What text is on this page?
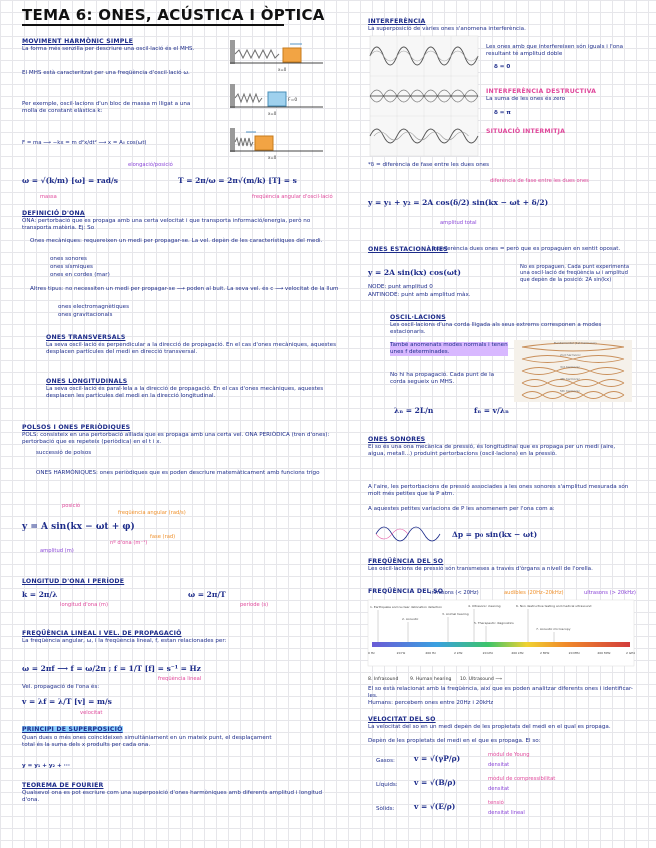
TEMA 6: ONES, ACÚSTICA I ÒPTICA
MOVIMENT HARMÒNIC SIMPLE
La forma més senzilla per descriure una oscil·lació és el MHS.
El MHS està caracteritzat per una freqüència d'oscil·lació ω.
Per exemple, oscil·lacions d'un bloc de massa m lligat a una molla de constant elàstica k:
F = ma ⟶ −kx = m d²x/dt² ⟶ x = A₀ cos(ωt)
x=0
F=0
x=0
x=0
elongació/posició
ω = √(k/m) [ω] = rad/s
massa
T = 2π/ω = 2π√(m/k) [T] = s
freqüència angular d'oscil·lació
DEFINICIÓ D'ONA
ONA: pertorbació que es propaga amb una certa velocitat i que transporta informació/energia, però no transporta matèria. Ej: So
Ones mecàniques: requereixen un medi per propagar-se. La vel. depèn de les característiques del medi.
ones sonores
ones sísmiques
ones en cordes (mar)
Altres tipus: no necessiten un medi per propagar-se ⟶ poden al buit. La seva vel. és c ⟶ velocitat de la llum
ones electromagnètiques
ones gravitacionals
ONES TRANSVERSALS
La seva oscil·lació és perpendicular a la direcció de propagació. En el cas d'ones mecàniques, aquestes desplacen partícules del medi en direcció transversal.
ONES LONGITUDINALS
La seva oscil·lació és paral·lela a la direcció de propagació. En el cas d'ones mecàniques, aquestes desplacen les partícules del medi en la direcció longitudinal.
POLSOS I ONES PERIÒDIQUES
POLS: consisteix en una pertorbació aïllada que es propaga amb una certa vel. ONA PERIÒDICA (tren d'ones): pertorbació que es repeteix (periòdica) en el t i x.
successió de polsos
ONES HARMÒNIQUES: ones periòdiques que es poden descriure matemàticament amb funcions trigo
posició
freqüència angular (rad/s)
y = A sin(kx − ωt + φ)
nº d'ona (m⁻¹)
fase (rad)
amplitud (m)
LONGITUD D'ONA I PERÍODE
k = 2π/λ
longitud d'ona (m)
ω = 2π/T
període (s)
FREQÜÈNCIA LINEAL I VEL. DE PROPAGACIÓ
La freqüència angular, ω, i la freqüència lineal, f, estan relacionades per:
ω = 2πf ⟶ f = ω/2π ; f = 1/T [f] = s⁻¹ = Hz
freqüència lineal
Vel. propagació de l'ona és:
v = λf = λ/T [v] = m/s
velocitat
PRINCIPI DE SUPERPOSICIÓ
Quan dues o més ones coincideixen simultàniament en un mateix punt, el desplaçament total és la suma dels x produïts per cada ona.
y = y₁ + y₂ + ···
TEOREMA DE FOURIER
Qualsevol ona es pot escriure com una superposició d'ones harmòniques amb diferents amplitud i longitud d'ona.
INTERFERÈNCIA
La superposició de vàries ones s'anomena interferència.
Les ones amb que interfereixen són iguals i l'ona resultant té amplitud doble
δ = 0
INTERFERÈNCIA DESTRUCTIVA
La suma de les ones és zero
δ = π
SITUACIÓ INTERMITJA
*δ = diferència de fase entre les dues ones
diferència de fase entre les dues ones
y = y₁ + y₂ = 2A cos(δ/2) sin(kx − ωt + δ/2)
amplitud total
ONES ESTACIONÀRIES
Interferència dues ones = però que es propaguen en sentit oposat.
y = 2A sin(kx) cos(ωt)
No es propaguen. Cada punt experimenta una oscil·lació de freqüència ω i amplitud que depèn de la posició: 2A sin(kx)
NODE: punt amplitud 0
ANTINODE: punt amb amplitud màx.
OSCIL·LACIONS
Les oscil·lacions d'una corda lligada als seus extrems corresponen a modes estacionaris.
També anomenats modes normals i tenen unes f determinades.
No hi ha propagació. Cada punt de la corda segueix un MHS.
Fundamental (1st harmonic)
2nd harmonic
3rd harmonic
4th harmonic
5th harmonic
λₙ = 2L/n	fₙ = v/λₙ
ONES SONORES
El so és una ona mecànica de pressió, és longitudinal que es propaga per un medi (aire, aigua, metall...) produint pertorbacions (oscil·lacions) en la pressió.
A l'aire, les pertorbacions de pressió associades a les ones sonores s'amplitud mesurada són molt més petites que la P atm.
A aquestes petites variacions de P les anomenem per l'ona com a:
Δp = p₀ sin(kx − ωt)
FREQÜÈNCIA DEL SO
Les oscil·lacions de pressió són transmeses a través d'òrgans a nivell de l'orella.
FREQÜÈNCIA DEL SO
infrasons (< 20Hz)	audibles (20Hz–20kHz)	ultrasons (> 20kHz)
1. Earthquake and nuclear detonation detection
2. Acoustic
3. Animal hearing
4. Ultrasonic cleaning
5. Therapeutic diagnostics
6. Non destructive testing and medical ultrasound
7. Acoustic microscopy
0 Hz	20 Hz	200 Hz	2 kHz	20 kHz	200 kHz	2 MHz	20 MHz	200 MHz	2 GHz
8. Infrasound	9. Human hearing 10. Ultrasound ⟶
El so està relacionat amb la freqüència, així que es poden analitzar diferents ones i identificar-les.
Humans: percebem ones entre 20Hz i 20kHz
VELOCITAT DEL SO
La velocitat del so en un medi depèn de les propietats del medi en el qual es propaga.
Depèn de les propietats del medi en el que es propaga. El so:
Gasos:	v = √(γP/ρ)	mòdul de Young
densitat
Líquids: v = √(B/ρ)	mòdul de compressibilitat
densitat
Sòlids:	v = √(E/ρ)	tensió
densitat lineal
